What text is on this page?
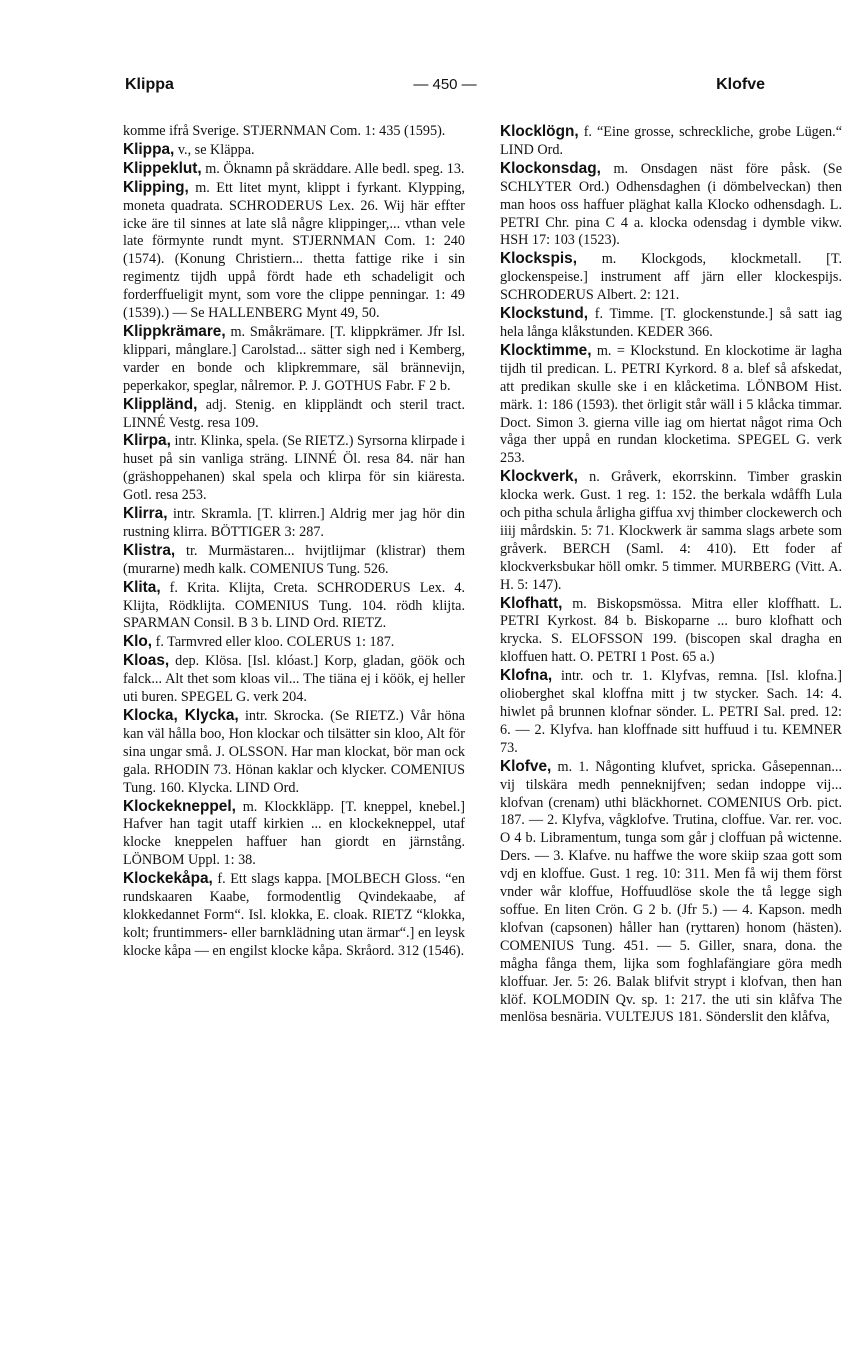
Klippa	— 450 —	Klofve

komme ifrå Sverige. STJERNMAN Com. 1: 435 (1595).

Klippa, v., se Kläppa.

Klippeklut, m. Öknamn på skräddare. Alle bedl. speg. 13.

Klipping, m. Ett litet mynt, klippt i fyrkant. Klypping, moneta quadrata. SCHRODERUS Lex. 26. Wij här effter icke äre til sinnes at late slå någre klippinger,... vthan vele late förmynte rundt mynt. STJERNMAN Com. 1: 240 (1574). (Konung Christiern... thetta fattige rike i sin regimentz tijdh uppå fördt hade eth schadeligit och forderffueligit mynt, som vore the clippe penningar. 1: 49 (1539).) — Se HALLENBERG Mynt 49, 50.

Klippkrämare, m. Småkrämare. [T. klippkrämer. Jfr Isl. klippari, månglare.] Carolstad... sätter sigh ned i Kemberg, varder en bonde och klipkremmare, säl brännevijn, peperkakor, speglar, nålremor. P. J. GOTHUS Fabr. F 2 b.

Klippländ, adj. Stenig. en klippländt och steril tract. LINNÉ Vestg. resa 109.

Klirpa, intr. Klinka, spela. (Se RIETZ.) Syrsorna klirpade i huset på sin vanliga sträng. LINNÉ Öl. resa 84. när han (gräshoppehanen) skal spela och klirpa för sin kiäresta. Gotl. resa 253.

Klirra, intr. Skramla. [T. klirren.] Aldrig mer jag hör din rustning klirra. BÖTTIGER 3: 287.

Klistra, tr. Murmästaren... hvijtlijmar (klistrar) them (murarne) medh kalk. COMENIUS Tung. 526.

Klita, f. Krita. Klijta, Creta. SCHRODERUS Lex. 4. Klijta, Rödklijta. COMENIUS Tung. 104. rödh klijta. SPARMAN Consil. B 3 b. LIND Ord. RIETZ.

Klo, f. Tarmvred eller kloo. COLERUS 1: 187.

Kloas, dep. Klösa. [Isl. klóast.] Korp, gladan, göök och falck... Alt thet som kloas vil... The tiäna ej i köök, ej heller uti buren. SPEGEL G. verk 204.

Klocka, Klycka, intr. Skrocka. (Se RIETZ.) Vår höna kan väl hålla boo, Hon klockar och tilsätter sin kloo, Alt för sina ungar små. J. OLSSON. Har man klockat, bör man ock gala. RHODIN 73. Hönan kaklar och klycker. COMENIUS Tung. 160. Klycka. LIND Ord.

Klockekneppel, m. Klockkläpp. [T. kneppel, knebel.] Hafver han tagit utaff kirkien ... en klockekneppel, utaf klocke kneppelen haffuer han giordt en järnstång. LÖNBOM Uppl. 1: 38.

Klockekåpa, f. Ett slags kappa. [MOLBECH Gloss. “en rundskaaren Kaabe, formodentlig Qvindekaabe, af klokkedannet Form“. Isl. klokka, E. cloak. RIETZ “klokka, kolt; fruntimmers- eller barnklädning utan ärmar“.] en leysk klocke kåpa — en engilst klocke kåpa. Skråord. 312 (1546).

Klocklögn, f. “Eine grosse, schreckliche, grobe Lügen.“ LIND Ord.

Klockonsdag, m. Onsdagen näst före påsk. (Se SCHLYTER Ord.) Odhensdaghen (i dömbelveckan) then man hoos oss haffuer pläghat kalla Klocko odhensdagh. L. PETRI Chr. pina C 4 a. klocka odensdag i dymble vikw. HSH 17: 103 (1523).

Klockspis, m. Klockgods, klockmetall. [T. glockenspeise.] instrument aff järn eller klockespijs. SCHRODERUS Albert. 2: 121.

Klockstund, f. Timme. [T. glockenstunde.] så satt iag hela långa klåkstunden. KEDER 366.

Klocktimme, m. = Klockstund. En klockotime är lagha tijdh til predican. L. PETRI Kyrkord. 8 a. blef så afskedat, att predikan skulle ske i en klåcketima. LÖNBOM Hist. märk. 1: 186 (1593). thet örligit står wäll i 5 klåcka timmar. Doct. Simon 3. gierna ville iag om hiertat något rima Och våga ther uppå en rundan klocketima. SPEGEL G. verk 253.

Klockverk, n. Gråverk, ekorrskinn. Timber graskin klocka werk. Gust. 1 reg. 1: 152. the berkala wdåffh Lula och pitha schula årligha giffua xvj thimber clockewerch och iiij mårdskin. 5: 71. Klockwerk är samma slags arbete som gråverk. BERCH (Saml. 4: 410). Ett foder af klockverksbukar höll omkr. 5 timmer. MURBERG (Vitt. A. H. 5: 147).

Klofhatt, m. Biskopsmössa. Mitra eller kloffhatt. L. PETRI Kyrkost. 84 b. Biskoparne ... buro klofhatt och krycka. S. ELOFSSON 199. (biscopen skal dragha en kloffuen hatt. O. PETRI 1 Post. 65 a.)

Klofna, intr. och tr. 1. Klyfvas, remna. [Isl. klofna.] olioberghet skal kloffna mitt j tw stycker. Sach. 14: 4. hiwlet på brunnen klofnar sönder. L. PETRI Sal. pred. 12: 6. — 2. Klyfva. han kloffnade sitt huffuud i tu. KEMNER 73.

Klofve, m. 1. Någonting klufvet, spricka. Gåsepennan... vij tilskära medh penneknijfven; sedan indoppe vij... klofvan (crenam) uthi bläckhornet. COMENIUS Orb. pict. 187. — 2. Klyfva, vågklofve. Trutina, cloffue. Var. rer. voc. O 4 b. Libramentum, tunga som går j cloffuan på wictenne. Ders. — 3. Klafve. nu haffwe the wore skiip szaa gott som vdj en kloffue. Gust. 1 reg. 10: 311. Men få wij them först vnder wår kloffue, Hoffuudlöse skole the tå legge sigh soffue. En liten Crön. G 2 b. (Jfr 5.) — 4. Kapson. medh klofvan (capsonen) håller han (ryttaren) honom (hästen). COMENIUS Tung. 451. — 5. Giller, snara, dona. the mågha fånga them, lijka som foghlafängiare göra medh kloffuar. Jer. 5: 26. Balak blifvit strypt i klofvan, then han klöf. KOLMODIN Qv. sp. 1: 217. the uti sin klåfva The menlösa besnäria. VULTEJUS 181. Sönderslit den klåfva,
